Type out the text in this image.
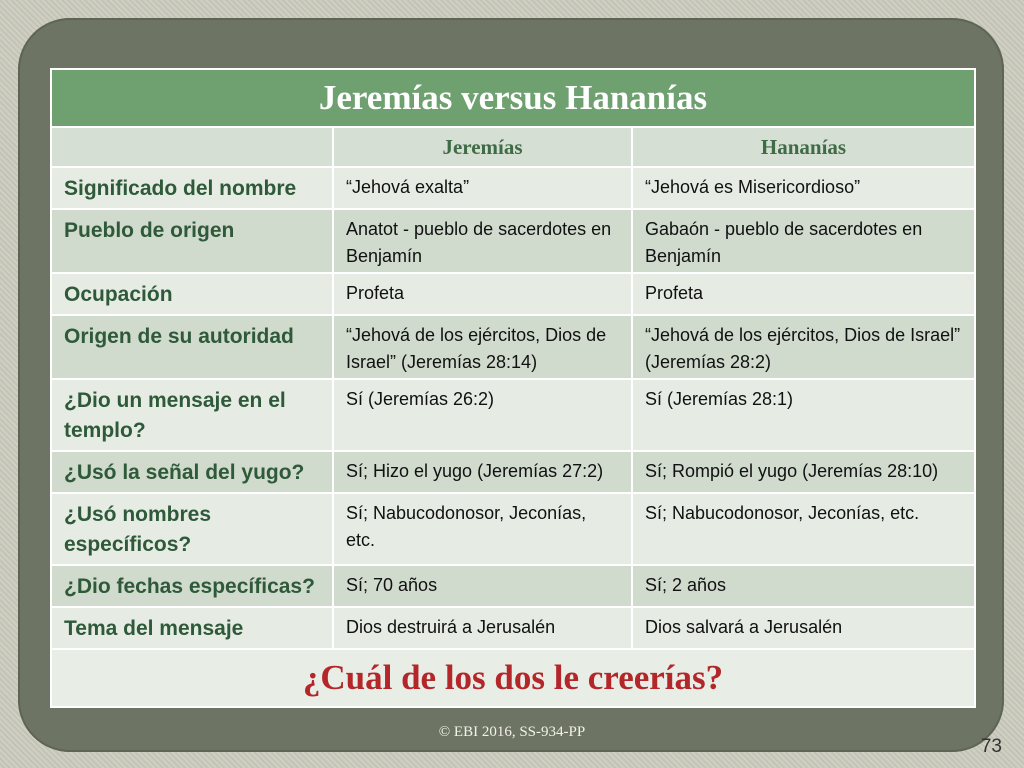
Jeremías versus Hananías		
	Jeremías	Hananías
Significado del nombre	“Jehová exalta”	“Jehová es Misericordioso”
Pueblo de origen	Anatot - pueblo de sacerdotes en Benjamín	Gabaón - pueblo de sacerdotes en Benjamín
Ocupación	Profeta	Profeta
Origen de su autoridad	“Jehová de los ejércitos, Dios de Israel” (Jeremías 28:14)	“Jehová de los ejércitos, Dios de Israel” (Jeremías 28:2)
¿Dio un mensaje en el templo?	Sí (Jeremías 26:2)	Sí (Jeremías 28:1)
¿Usó la señal del yugo?	Sí; Hizo el yugo (Jeremías 27:2)	Sí; Rompió el yugo (Jeremías 28:10)
¿Usó nombres específicos?	Sí; Nabucodonosor, Jeconías, etc.	Sí; Nabucodonosor, Jeconías, etc.
¿Dio fechas específicas?	Sí; 70 años	Sí; 2 años
Tema del mensaje	Dios destruirá a Jerusalén	Dios salvará a Jerusalén
¿Cuál de los dos le creerías?		
© EBI 2016, SS-934-PP
73
